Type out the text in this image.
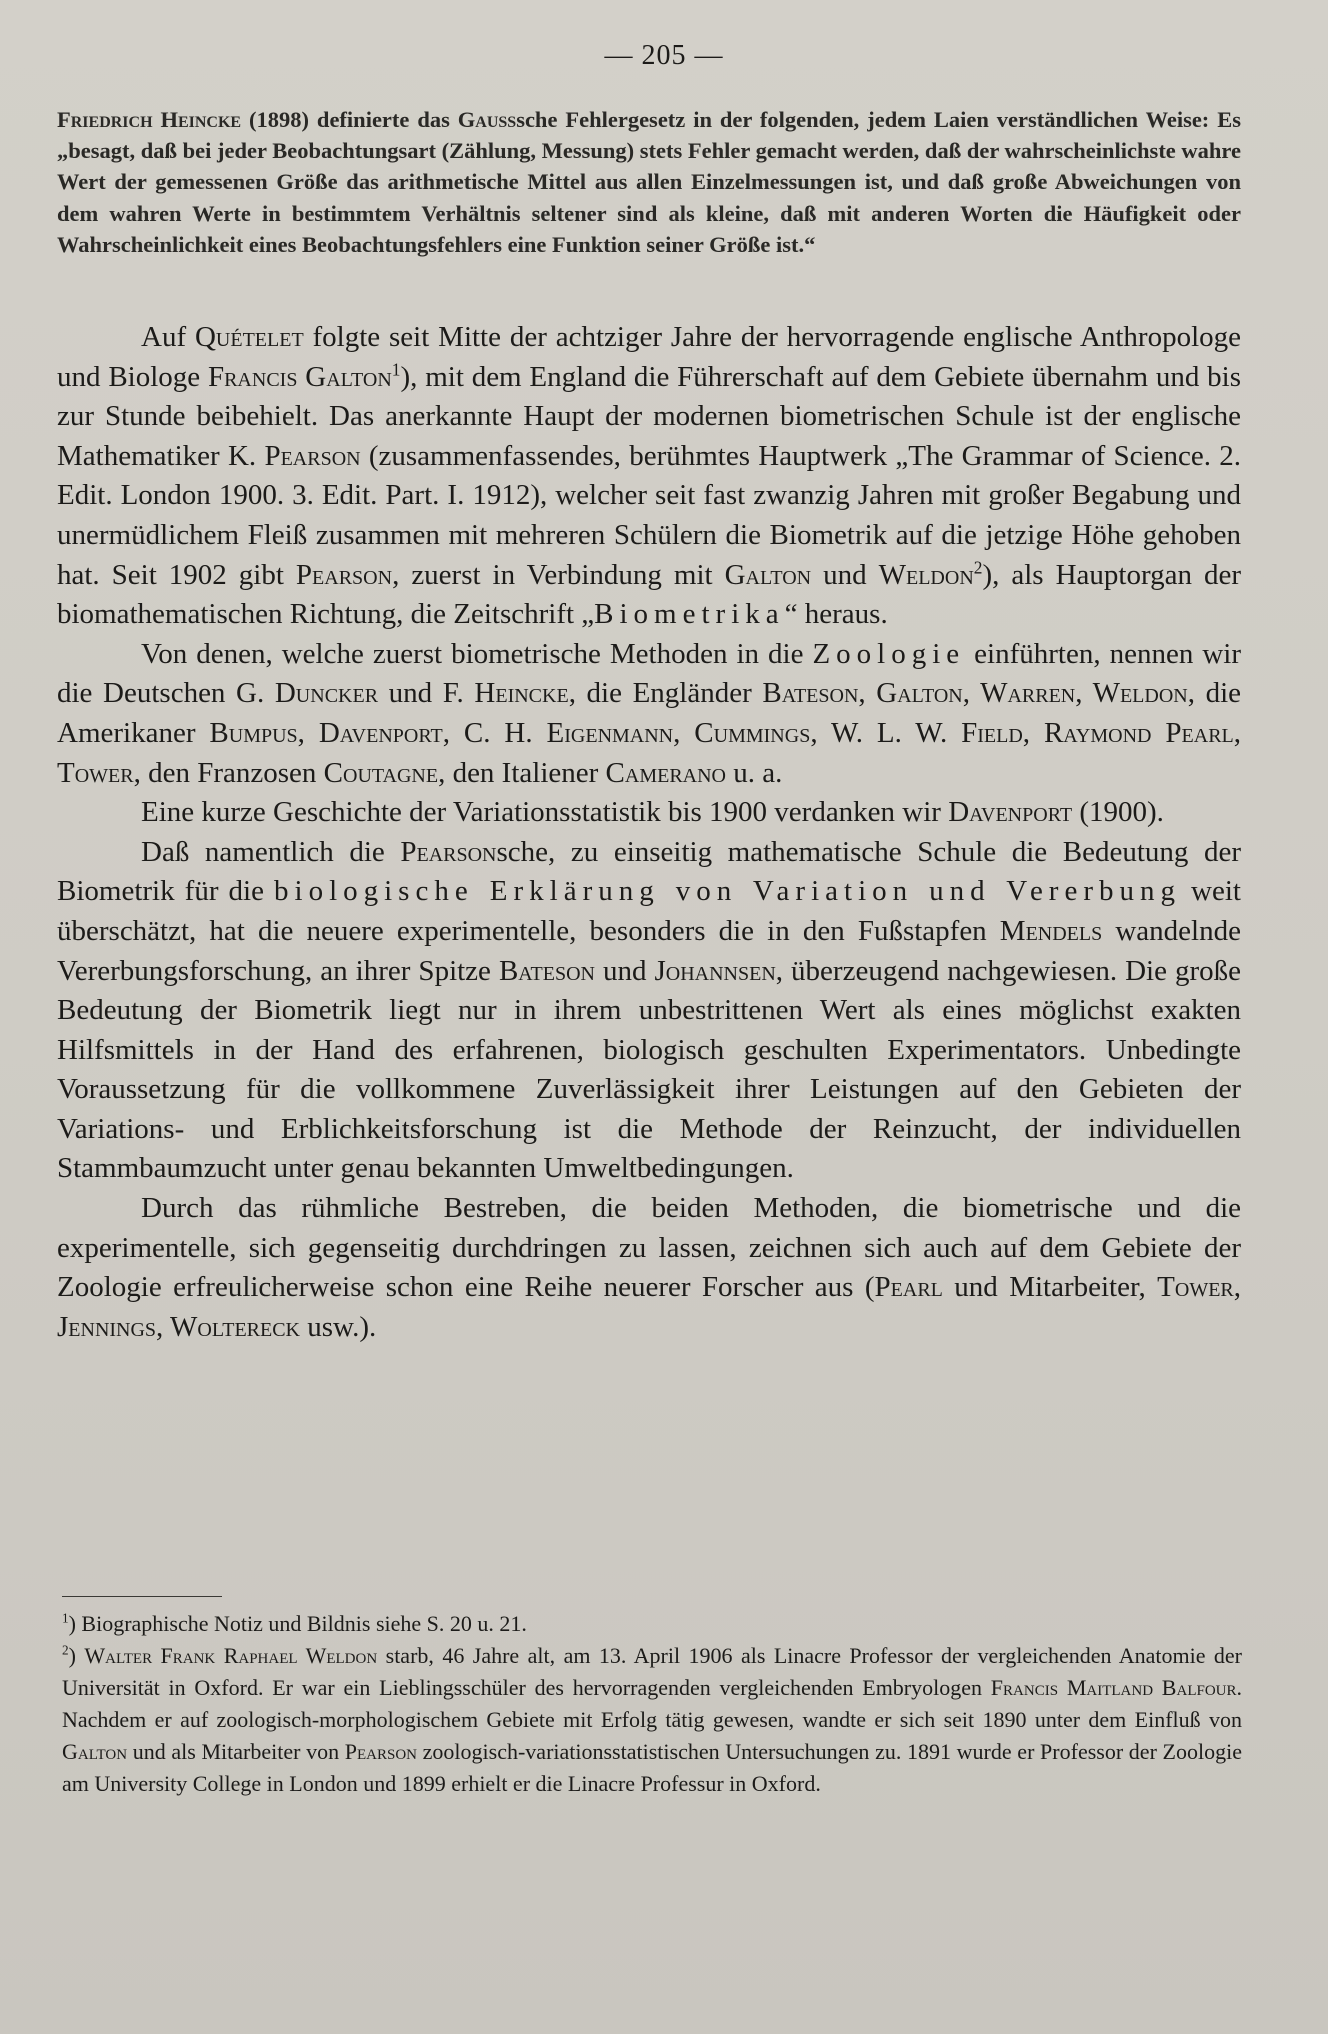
— 205 —
Friedrich Heincke (1898) definierte das Gausssche Fehlergesetz in der folgenden, jedem Laien verständlichen Weise: Es „besagt, daß bei jeder Beobachtungsart (Zählung, Messung) stets Fehler gemacht werden, daß der wahrscheinlichste wahre Wert der gemessenen Größe das arithmetische Mittel aus allen Einzelmessungen ist, und daß große Abweichungen von dem wahren Werte in bestimmtem Verhältnis seltener sind als kleine, daß mit anderen Worten die Häufigkeit oder Wahrscheinlichkeit eines Beobachtungsfehlers eine Funktion seiner Größe ist.“

Auf Quételet folgte seit Mitte der achtziger Jahre der hervorragende englische Anthropologe und Biologe Francis Galton$^1$), mit dem England die Führerschaft auf dem Gebiete übernahm und bis zur Stunde beibehielt. Das anerkannte Haupt der modernen biometrischen Schule ist der englische Mathematiker K. Pearson (zusammenfassendes, berühmtes Hauptwerk „The Grammar of Science. 2. Edit. London 1900. 3. Edit. Part. I. 1912), welcher seit fast zwanzig Jahren mit großer Begabung und unermüdlichem Fleiß zusammen mit mehreren Schülern die Biometrik auf die jetzige Höhe gehoben hat. Seit 1902 gibt Pearson, zuerst in Verbindung mit Galton und Weldon$^2$), als Hauptorgan der biomathematischen Richtung, die Zeitschrift „Biometrika“ heraus.

Von denen, welche zuerst biometrische Methoden in die Zoologie einführten, nennen wir die Deutschen G. Duncker und F. Heincke, die Engländer Bateson, Galton, Warren, Weldon, die Amerikaner Bumpus, Davenport, C. H. Eigenmann, Cummings, W. L. W. Field, Raymond Pearl, Tower, den Franzosen Coutagne, den Italiener Camerano u. a.

Eine kurze Geschichte der Variationsstatistik bis 1900 verdanken wir Davenport (1900).

Daß namentlich die Pearsonsche, zu einseitig mathematische Schule die Bedeutung der Biometrik für die biologische Erklärung von Variation und Vererbung weit überschätzt, hat die neuere experimentelle, besonders die in den Fußstapfen Mendels wandelnde Vererbungsforschung, an ihrer Spitze Bateson und Johannsen, überzeugend nachgewiesen. Die große Bedeutung der Biometrik liegt nur in ihrem unbestrittenen Wert als eines möglichst exakten Hilfsmittels in der Hand des erfahrenen, biologisch geschulten Experimentators. Unbedingte Voraussetzung für die vollkommene Zuverlässigkeit ihrer Leistungen auf den Gebieten der Variations- und Erblichkeitsforschung ist die Methode der Reinzucht, der individuellen Stammbaumzucht unter genau bekannten Umweltbedingungen.

Durch das rühmliche Bestreben, die beiden Methoden, die biometrische und die experimentelle, sich gegenseitig durchdringen zu lassen, zeichnen sich auch auf dem Gebiete der Zoologie erfreulicherweise schon eine Reihe neuerer Forscher aus (Pearl und Mitarbeiter, Tower, Jennings, Woltereck usw.).

$^1$) Biographische Notiz und Bildnis siehe S. 20 u. 21.
$^2$) Walter Frank Raphael Weldon starb, 46 Jahre alt, am 13. April 1906 als Linacre Professor der vergleichenden Anatomie der Universität in Oxford. Er war ein Lieblingsschüler des hervorragenden vergleichenden Embryologen Francis Maitland Balfour. Nachdem er auf zoologisch-morphologischem Gebiete mit Erfolg tätig gewesen, wandte er sich seit 1890 unter dem Einfluß von Galton und als Mitarbeiter von Pearson zoologisch-variationsstatistischen Untersuchungen zu. 1891 wurde er Professor der Zoologie am University College in London und 1899 erhielt er die Linacre Professur in Oxford.
